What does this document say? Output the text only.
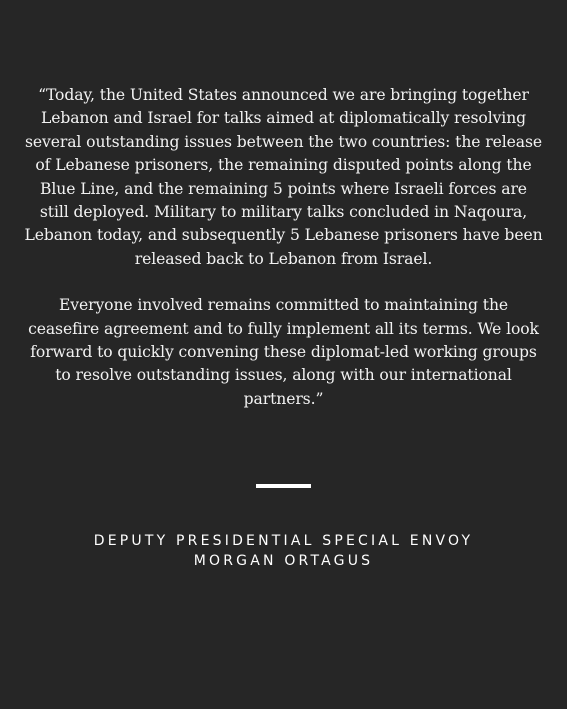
“Today, the United States announced we are bringing together Lebanon and Israel for talks aimed at diplomatically resolving several outstanding issues between the two countries: the release of Lebanese prisoners, the remaining disputed points along the Blue Line, and the remaining 5 points where Israeli forces are still deployed. Military to military talks concluded in Naqoura, Lebanon today, and subsequently 5 Lebanese prisoners have been released back to Lebanon from Israel.

Everyone involved remains committed to maintaining the ceasefire agreement and to fully implement all its terms. We look forward to quickly convening these diplomat-led working groups to resolve outstanding issues, along with our international partners.”

DEPUTY PRESIDENTIAL SPECIAL ENVOY
MORGAN ORTAGUS
